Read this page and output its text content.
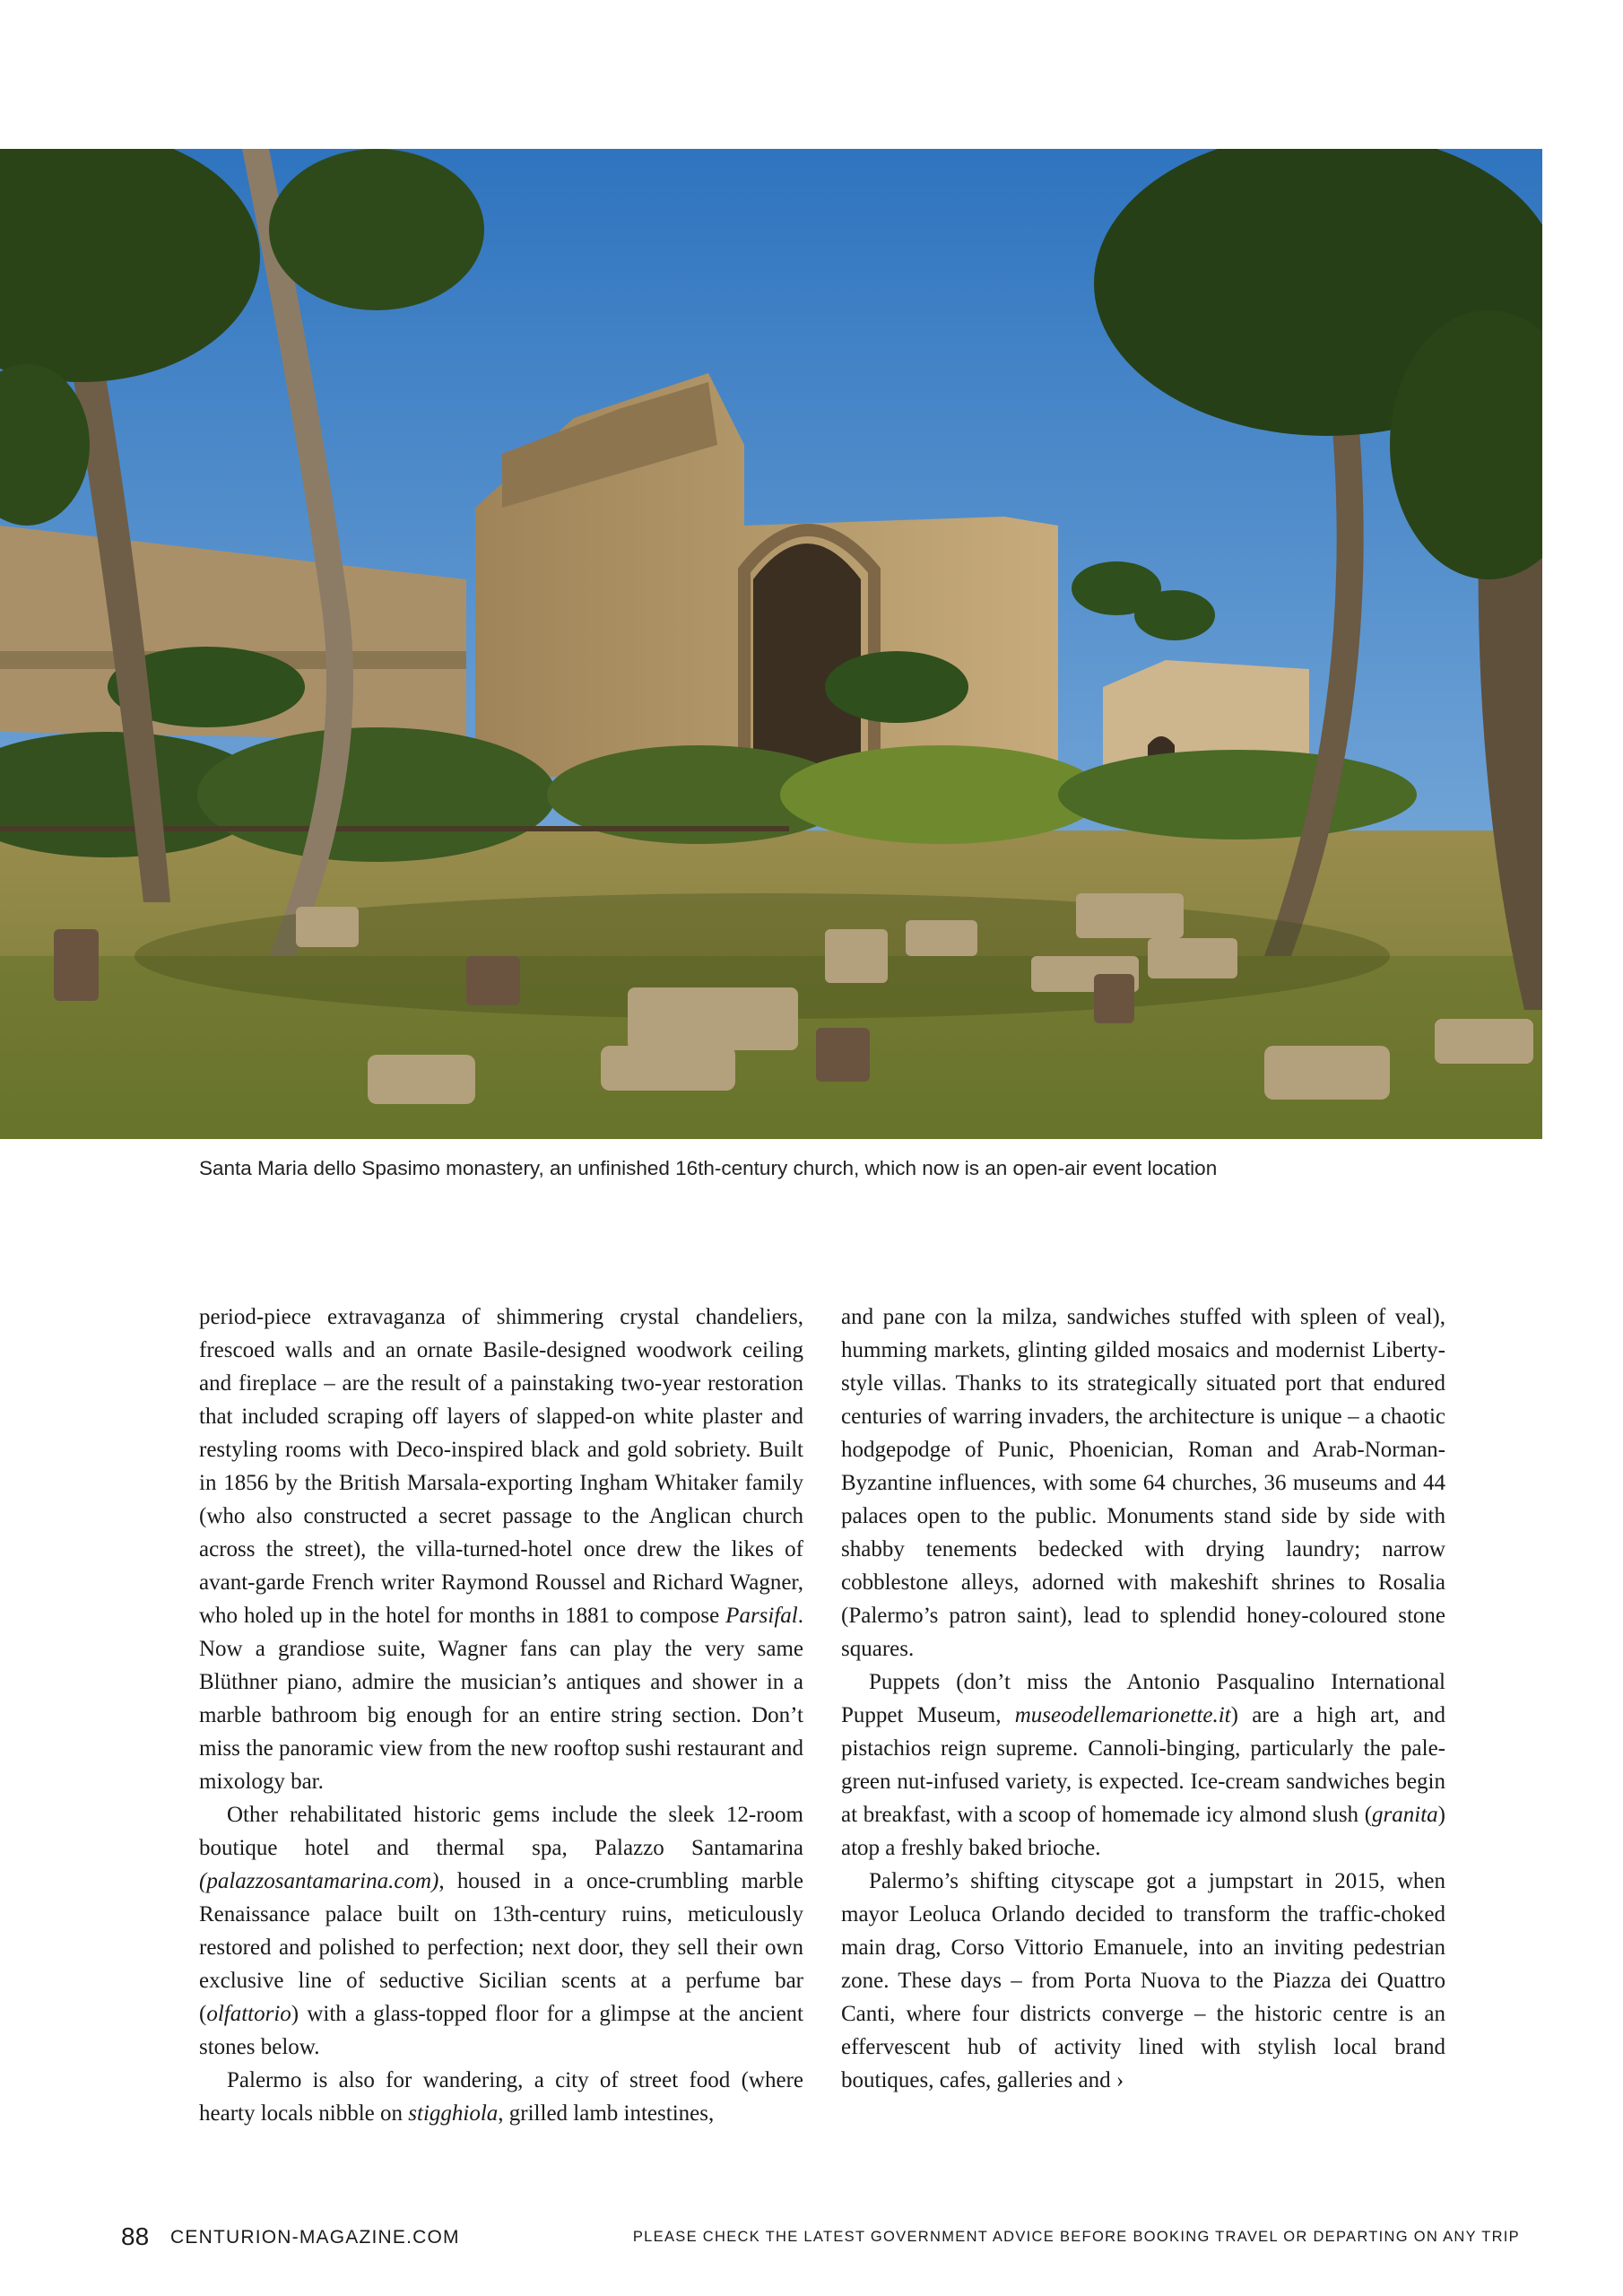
Santa Maria dello Spasimo monastery, an unfinished 16th-century church, which now is an open-air event location

period-piece extravaganza of shimmering crystal chandeliers, frescoed walls and an ornate Basile-designed woodwork ceiling and fireplace – are the result of a painstaking two-year restoration that included scraping off layers of slapped-on white plaster and restyling rooms with Deco-inspired black and gold sobriety. Built in 1856 by the British Marsala-exporting Ingham Whitaker family (who also constructed a secret passage to the Anglican church across the street), the villa-turned-hotel once drew the likes of avant-garde French writer Raymond Roussel and Richard Wagner, who holed up in the hotel for months in 1881 to compose Parsifal. Now a grandiose suite, Wagner fans can play the very same Blüthner piano, admire the musician’s antiques and shower in a marble bathroom big enough for an entire string section. Don’t miss the panoramic view from the new rooftop sushi restaurant and mixology bar.

Other rehabilitated historic gems include the sleek 12-room boutique hotel and thermal spa, Palazzo Santamarina (palazzosantamarina.com), housed in a once-crumbling marble Renaissance palace built on 13th-century ruins, meticulously restored and polished to perfection; next door, they sell their own exclusive line of seductive Sicilian scents at a perfume bar (olfattorio) with a glass-topped floor for a glimpse at the ancient stones below.

Palermo is also for wandering, a city of street food (where hearty locals nibble on stigghiola, grilled lamb intestines,

and pane con la milza, sandwiches stuffed with spleen of veal), humming markets, glinting gilded mosaics and modernist Liberty-style villas. Thanks to its strategically situated port that endured centuries of warring invaders, the architecture is unique – a chaotic hodgepodge of Punic, Phoenician, Roman and Arab-Norman-Byzantine influences, with some 64 churches, 36 museums and 44 palaces open to the public. Monuments stand side by side with shabby tenements bedecked with drying laundry; narrow cobblestone alleys, adorned with makeshift shrines to Rosalia (Palermo’s patron saint), lead to splendid honey-coloured stone squares.

Puppets (don’t miss the Antonio Pasqualino International Puppet Museum, museodellemarionette.it) are a high art, and pistachios reign supreme. Cannoli-binging, particularly the pale-green nut-infused variety, is expected. Ice-cream sandwiches begin at breakfast, with a scoop of homemade icy almond slush (granita) atop a freshly baked brioche.

Palermo’s shifting cityscape got a jumpstart in 2015, when mayor Leoluca Orlando decided to transform the traffic-choked main drag, Corso Vittorio Emanuele, into an inviting pedestrian zone. These days – from Porta Nuova to the Piazza dei Quattro Canti, where four districts converge – the historic centre is an effervescent hub of activity lined with stylish local brand boutiques, cafes, galleries and ›

88 CENTURION-MAGAZINE.COM	PLEASE CHECK THE LATEST GOVERNMENT ADVICE BEFORE BOOKING TRAVEL OR DEPARTING ON ANY TRIP
